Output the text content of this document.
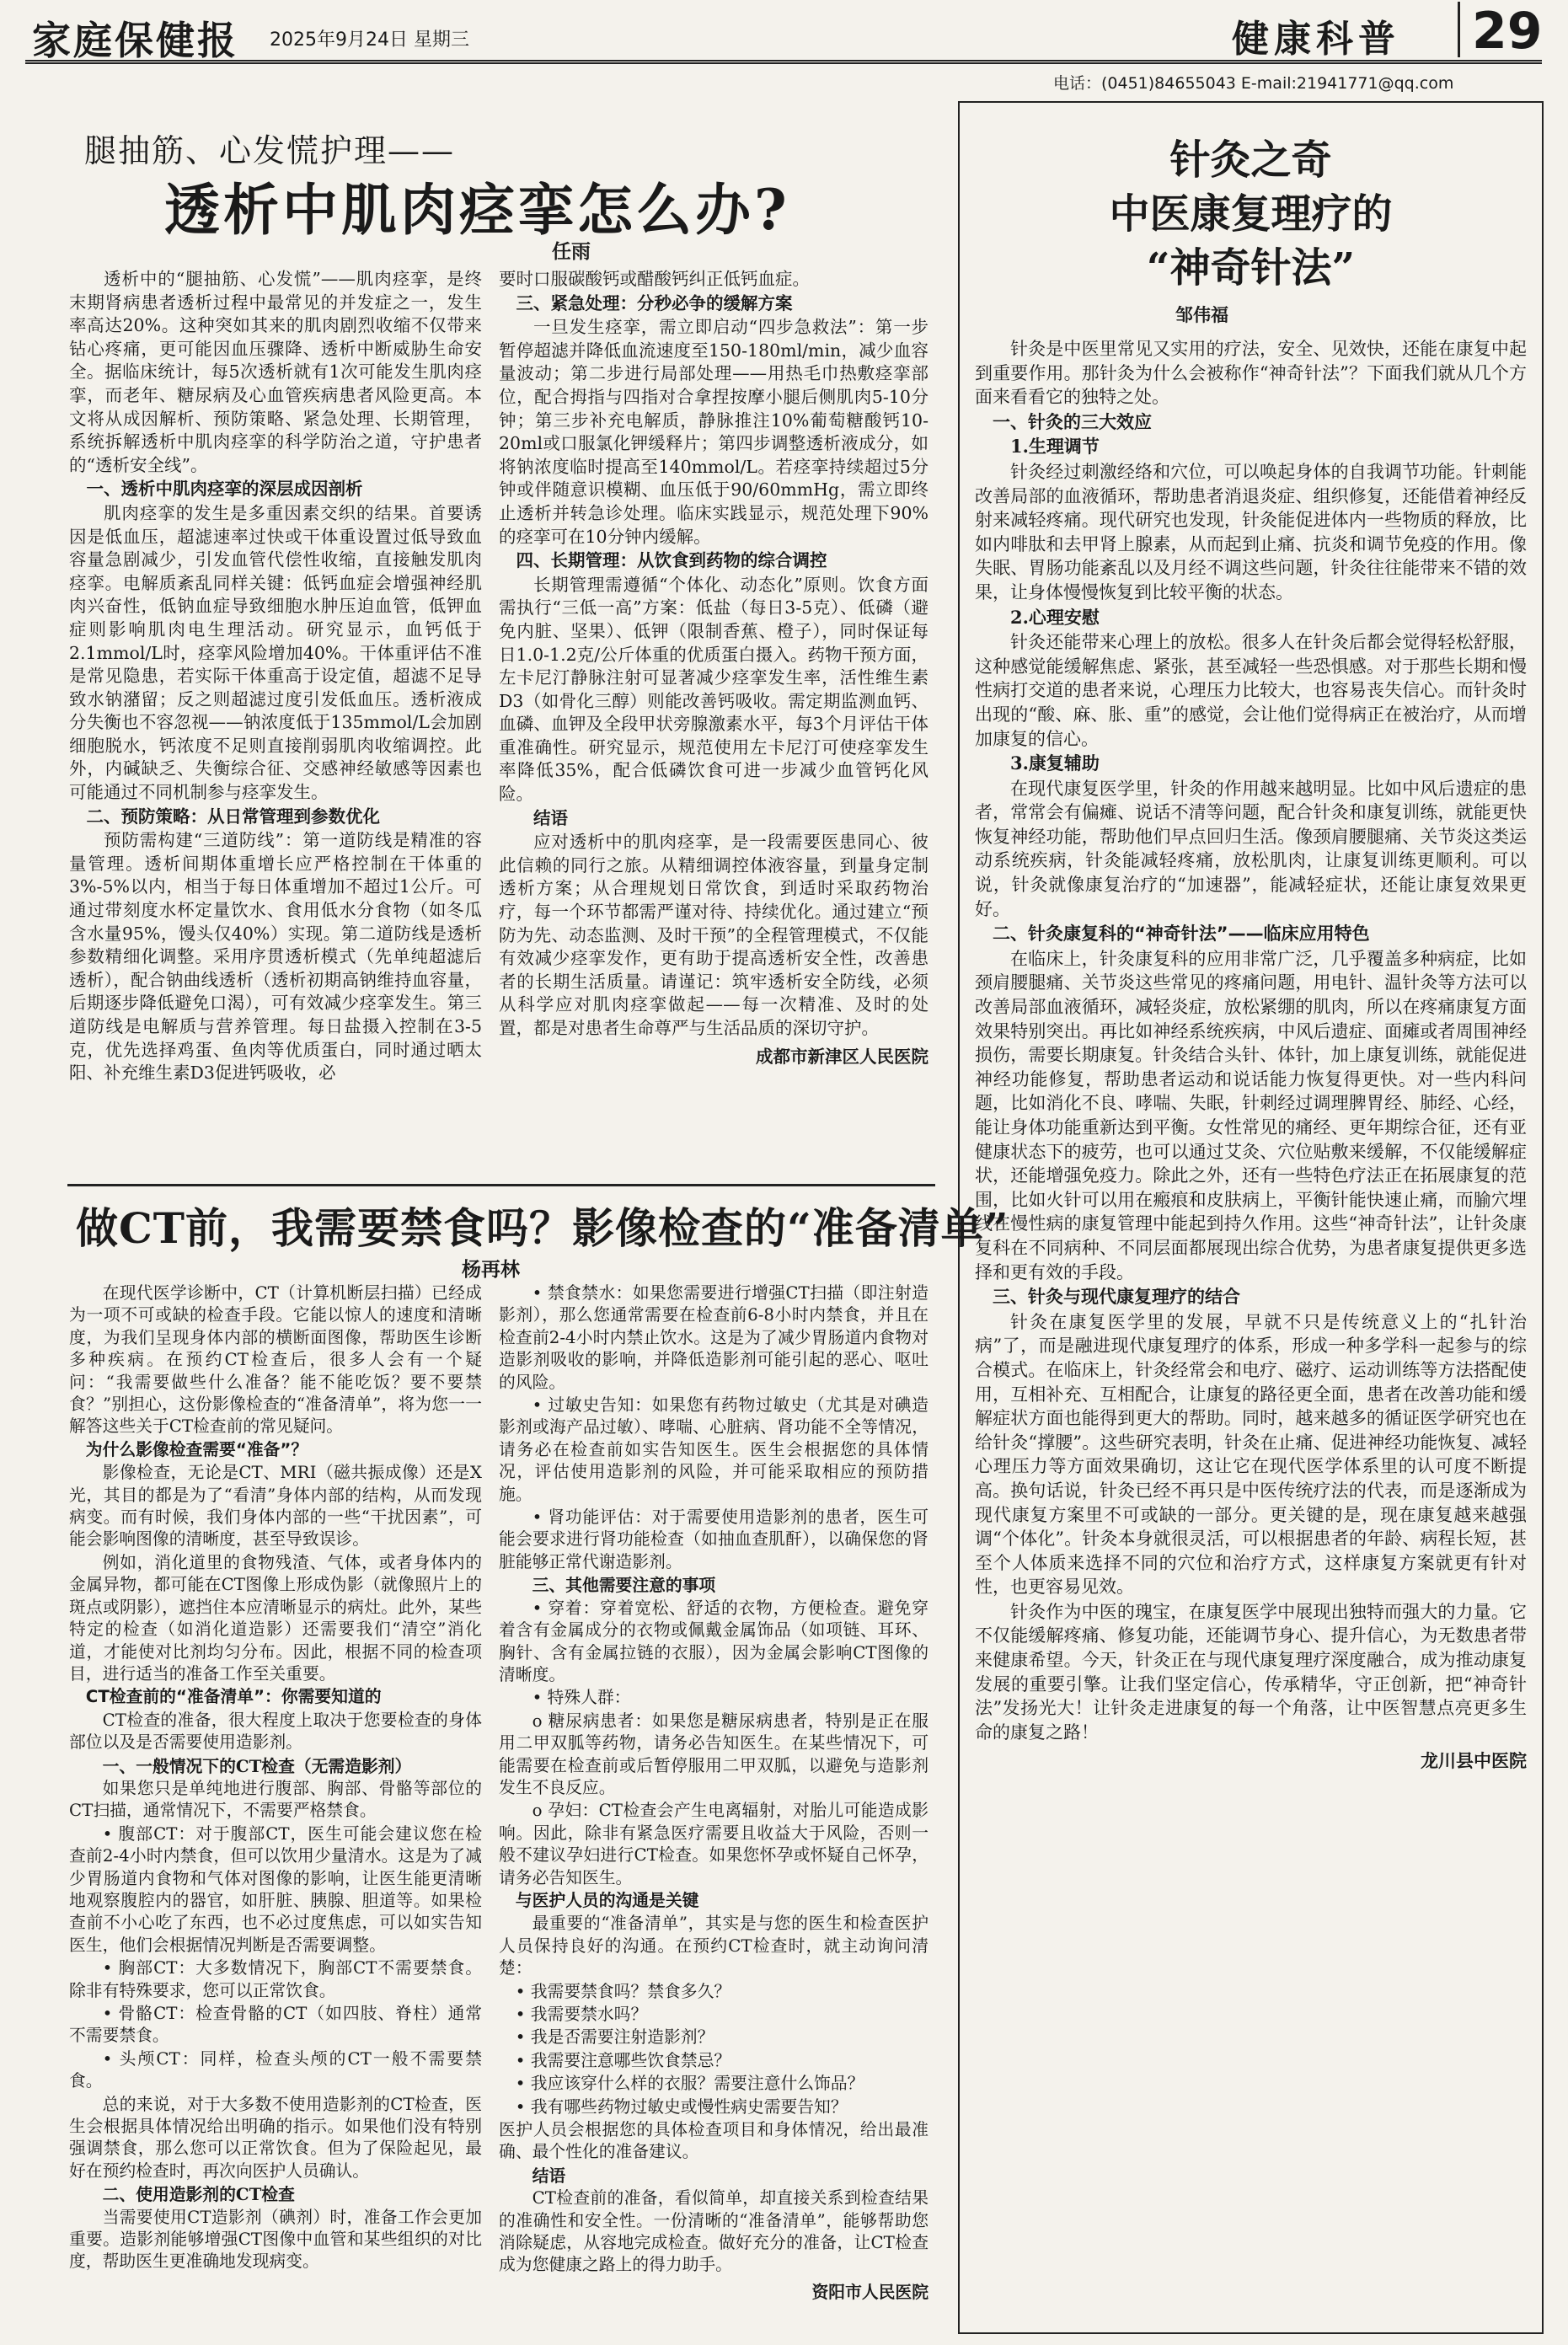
家庭保健报 2025年9月24日 星期三	健康科普 29
电话：(0451)84655043 E-mail:21941771@qq.com
腿抽筋、心发慌护理——
透析中肌肉痉挛怎么办?
任雨

透析中的“腿抽筋、心发慌”——肌肉痉挛，是终末期肾病患者透析过程中最常见的并发症之一，发生率高达20%。这种突如其来的肌肉剧烈收缩不仅带来钻心疼痛，更可能因血压骤降、透析中断威胁生命安全。据临床统计，每5次透析就有1次可能发生肌肉痉挛，而老年、糖尿病及心血管疾病患者风险更高。本文将从成因解析、预防策略、紧急处理、长期管理，系统拆解透析中肌肉痉挛的科学防治之道，守护患者的“透析安全线”。

一、透析中肌肉痉挛的深层成因剖析

肌肉痉挛的发生是多重因素交织的结果。首要诱因是低血压，超滤速率过快或干体重设置过低导致血容量急剧减少，引发血管代偿性收缩，直接触发肌肉痉挛。电解质紊乱同样关键：低钙血症会增强神经肌肉兴奋性，低钠血症导致细胞水肿压迫血管，低钾血症则影响肌肉电生理活动。研究显示，血钙低于2.1mmol/L时，痉挛风险增加40%。干体重评估不准是常见隐患，若实际干体重高于设定值，超滤不足导致水钠潴留；反之则超滤过度引发低血压。透析液成分失衡也不容忽视——钠浓度低于135mmol/L会加剧细胞脱水，钙浓度不足则直接削弱肌肉收缩调控。此外，内碱缺乏、失衡综合征、交感神经敏感等因素也可能通过不同机制参与痉挛发生。

二、预防策略：从日常管理到参数优化

预防需构建“三道防线”：第一道防线是精准的容量管理。透析间期体重增长应严格控制在干体重的3%-5%以内，相当于每日体重增加不超过1公斤。可通过带刻度水杯定量饮水、食用低水分食物（如冬瓜含水量95%，馒头仅40%）实现。第二道防线是透析参数精细化调整。采用序贯透析模式（先单纯超滤后透析），配合钠曲线透析（透析初期高钠维持血容量，后期逐步降低避免口渴），可有效减少痉挛发生。第三道防线是电解质与营养管理。每日盐摄入控制在3-5克，优先选择鸡蛋、鱼肉等优质蛋白，同时通过晒太阳、补充维生素D3促进钙吸收，必

要时口服碳酸钙或醋酸钙纠正低钙血症。

三、紧急处理：分秒必争的缓解方案

一旦发生痉挛，需立即启动“四步急救法”：第一步暂停超滤并降低血流速度至150-180ml/min，减少血容量波动；第二步进行局部处理——用热毛巾热敷痉挛部位，配合拇指与四指对合拿捏按摩小腿后侧肌肉5-10分钟；第三步补充电解质，静脉推注10%葡萄糖酸钙10-20ml或口服氯化钾缓释片；第四步调整透析液成分，如将钠浓度临时提高至140mmol/L。若痉挛持续超过5分钟或伴随意识模糊、血压低于90/60mmHg，需立即终止透析并转急诊处理。临床实践显示，规范处理下90%的痉挛可在10分钟内缓解。

四、长期管理：从饮食到药物的综合调控

长期管理需遵循“个体化、动态化”原则。饮食方面需执行“三低一高”方案：低盐（每日3-5克）、低磷（避免内脏、坚果）、低钾（限制香蕉、橙子），同时保证每日1.0-1.2克/公斤体重的优质蛋白摄入。药物干预方面，左卡尼汀静脉注射可显著减少痉挛发生率，活性维生素D3（如骨化三醇）则能改善钙吸收。需定期监测血钙、血磷、血钾及全段甲状旁腺激素水平，每3个月评估干体重准确性。研究显示，规范使用左卡尼汀可使痉挛发生率降低35%，配合低磷饮食可进一步减少血管钙化风险。

结语

应对透析中的肌肉痉挛，是一段需要医患同心、彼此信赖的同行之旅。从精细调控体液容量，到量身定制透析方案；从合理规划日常饮食，到适时采取药物治疗，每一个环节都需严谨对待、持续优化。通过建立“预防为先、动态监测、及时干预”的全程管理模式，不仅能有效减少痉挛发作，更有助于提高透析安全性，改善患者的长期生活质量。请谨记：筑牢透析安全防线，必须从科学应对肌肉痉挛做起——每一次精准、及时的处置，都是对患者生命尊严与生活品质的深切守护。

成都市新津区人民医院

做CT前，我需要禁食吗？影像检查的“准备清单”
杨再林

在现代医学诊断中，CT（计算机断层扫描）已经成为一项不可或缺的检查手段。它能以惊人的速度和清晰度，为我们呈现身体内部的横断面图像，帮助医生诊断多种疾病。在预约CT检查后，很多人会有一个疑问：“我需要做些什么准备？能不能吃饭？要不要禁食？”别担心，这份影像检查的“准备清单”，将为您一一解答这些关于CT检查前的常见疑问。

为什么影像检查需要“准备”？

影像检查，无论是CT、MRI（磁共振成像）还是X光，其目的都是为了“看清”身体内部的结构，从而发现病变。而有时候，我们身体内部的一些“干扰因素”，可能会影响图像的清晰度，甚至导致误诊。

例如，消化道里的食物残渣、气体，或者身体内的金属异物，都可能在CT图像上形成伪影（就像照片上的斑点或阴影），遮挡住本应清晰显示的病灶。此外，某些特定的检查（如消化道造影）还需要我们“清空”消化道，才能使对比剂均匀分布。因此，根据不同的检查项目，进行适当的准备工作至关重要。

CT检查前的“准备清单”：你需要知道的

CT检查的准备，很大程度上取决于您要检查的身体部位以及是否需要使用造影剂。

一、一般情况下的CT检查（无需造影剂）

如果您只是单纯地进行腹部、胸部、骨骼等部位的CT扫描，通常情况下，不需要严格禁食。

• 腹部CT：对于腹部CT，医生可能会建议您在检查前2-4小时内禁食，但可以饮用少量清水。这是为了减少胃肠道内食物和气体对图像的影响，让医生能更清晰地观察腹腔内的器官，如肝脏、胰腺、胆道等。如果检查前不小心吃了东西，也不必过度焦虑，可以如实告知医生，他们会根据情况判断是否需要调整。

• 胸部CT：大多数情况下，胸部CT不需要禁食。除非有特殊要求，您可以正常饮食。

• 骨骼CT：检查骨骼的CT（如四肢、脊柱）通常不需要禁食。

• 头颅CT：同样，检查头颅的CT一般不需要禁食。

总的来说，对于大多数不使用造影剂的CT检查，医生会根据具体情况给出明确的指示。如果他们没有特别强调禁食，那么您可以正常饮食。但为了保险起见，最好在预约检查时，再次向医护人员确认。

二、使用造影剂的CT检查

当需要使用CT造影剂（碘剂）时，准备工作会更加重要。造影剂能够增强CT图像中血管和某些组织的对比度，帮助医生更准确地发现病变。

• 禁食禁水：如果您需要进行增强CT扫描（即注射造影剂），那么您通常需要在检查前6-8小时内禁食，并且在检查前2-4小时内禁止饮水。这是为了减少胃肠道内食物对造影剂吸收的影响，并降低造影剂可能引起的恶心、呕吐的风险。

• 过敏史告知：如果您有药物过敏史（尤其是对碘造影剂或海产品过敏）、哮喘、心脏病、肾功能不全等情况，请务必在检查前如实告知医生。医生会根据您的具体情况，评估使用造影剂的风险，并可能采取相应的预防措施。

• 肾功能评估：对于需要使用造影剂的患者，医生可能会要求进行肾功能检查（如抽血查肌酐），以确保您的肾脏能够正常代谢造影剂。

三、其他需要注意的事项

• 穿着：穿着宽松、舒适的衣物，方便检查。避免穿着含有金属成分的衣物或佩戴金属饰品（如项链、耳环、胸针、含有金属拉链的衣服），因为金属会影响CT图像的清晰度。

• 特殊人群：

o 糖尿病患者：如果您是糖尿病患者，特别是正在服用二甲双胍等药物，请务必告知医生。在某些情况下，可能需要在检查前或后暂停服用二甲双胍，以避免与造影剂发生不良反应。

o 孕妇：CT检查会产生电离辐射，对胎儿可能造成影响。因此，除非有紧急医疗需要且收益大于风险，否则一般不建议孕妇进行CT检查。如果您怀孕或怀疑自己怀孕，请务必告知医生。

与医护人员的沟通是关键

最重要的“准备清单”，其实是与您的医生和检查医护人员保持良好的沟通。在预约CT检查时，就主动询问清楚：

• 我需要禁食吗？禁食多久？

• 我需要禁水吗？

• 我是否需要注射造影剂？

• 我需要注意哪些饮食禁忌？

• 我应该穿什么样的衣服？需要注意什么饰品？

• 我有哪些药物过敏史或慢性病史需要告知？

医护人员会根据您的具体检查项目和身体情况，给出最准确、最个性化的准备建议。

结语

CT检查前的准备，看似简单，却直接关系到检查结果的准确性和安全性。一份清晰的“准备清单”，能够帮助您消除疑虑，从容地完成检查。做好充分的准备，让CT检查成为您健康之路上的得力助手。

资阳市人民医院

针灸之奇
中医康复理疗的
“神奇针法”
邹伟福

针灸是中医里常见又实用的疗法，安全、见效快，还能在康复中起到重要作用。那针灸为什么会被称作“神奇针法”？下面我们就从几个方面来看看它的独特之处。

一、针灸的三大效应

1.生理调节

针灸经过刺激经络和穴位，可以唤起身体的自我调节功能。针刺能改善局部的血液循环，帮助患者消退炎症、组织修复，还能借着神经反射来减轻疼痛。现代研究也发现，针灸能促进体内一些物质的释放，比如内啡肽和去甲肾上腺素，从而起到止痛、抗炎和调节免疫的作用。像失眠、胃肠功能紊乱以及月经不调这些问题，针灸往往能带来不错的效果，让身体慢慢恢复到比较平衡的状态。

2.心理安慰

针灸还能带来心理上的放松。很多人在针灸后都会觉得轻松舒服，这种感觉能缓解焦虑、紧张，甚至减轻一些恐惧感。对于那些长期和慢性病打交道的患者来说，心理压力比较大，也容易丧失信心。而针灸时出现的“酸、麻、胀、重”的感觉，会让他们觉得病正在被治疗，从而增加康复的信心。

3.康复辅助

在现代康复医学里，针灸的作用越来越明显。比如中风后遗症的患者，常常会有偏瘫、说话不清等问题，配合针灸和康复训练，就能更快恢复神经功能，帮助他们早点回归生活。像颈肩腰腿痛、关节炎这类运动系统疾病，针灸能减轻疼痛，放松肌肉，让康复训练更顺利。可以说，针灸就像康复治疗的“加速器”，能减轻症状，还能让康复效果更好。

二、针灸康复科的“神奇针法”——临床应用特色

在临床上，针灸康复科的应用非常广泛，几乎覆盖多种病症，比如颈肩腰腿痛、关节炎这些常见的疼痛问题，用电针、温针灸等方法可以改善局部血液循环，减轻炎症，放松紧绷的肌肉，所以在疼痛康复方面效果特别突出。再比如神经系统疾病，中风后遗症、面瘫或者周围神经损伤，需要长期康复。针灸结合头针、体针，加上康复训练，就能促进神经功能修复，帮助患者运动和说话能力恢复得更快。对一些内科问题，比如消化不良、哮喘、失眠，针刺经过调理脾胃经、肺经、心经，能让身体功能重新达到平衡。女性常见的痛经、更年期综合征，还有亚健康状态下的疲劳，也可以通过艾灸、穴位贴敷来缓解，不仅能缓解症状，还能增强免疫力。除此之外，还有一些特色疗法正在拓展康复的范围，比如火针可以用在瘢痕和皮肤病上，平衡针能快速止痛，而腧穴埋线在慢性病的康复管理中能起到持久作用。这些“神奇针法”，让针灸康复科在不同病种、不同层面都展现出综合优势，为患者康复提供更多选择和更有效的手段。

三、针灸与现代康复理疗的结合

针灸在康复医学里的发展，早就不只是传统意义上的“扎针治病”了，而是融进现代康复理疗的体系，形成一种多学科一起参与的综合模式。在临床上，针灸经常会和电疗、磁疗、运动训练等方法搭配使用，互相补充、互相配合，让康复的路径更全面，患者在改善功能和缓解症状方面也能得到更大的帮助。同时，越来越多的循证医学研究也在给针灸“撑腰”。这些研究表明，针灸在止痛、促进神经功能恢复、减轻心理压力等方面效果确切，这让它在现代医学体系里的认可度不断提高。换句话说，针灸已经不再只是中医传统疗法的代表，而是逐渐成为现代康复方案里不可或缺的一部分。更关键的是，现在康复越来越强调“个体化”。针灸本身就很灵活，可以根据患者的年龄、病程长短，甚至个人体质来选择不同的穴位和治疗方式，这样康复方案就更有针对性，也更容易见效。

针灸作为中医的瑰宝，在康复医学中展现出独特而强大的力量。它不仅能缓解疼痛、修复功能，还能调节身心、提升信心，为无数患者带来健康希望。今天，针灸正在与现代康复理疗深度融合，成为推动康复发展的重要引擎。让我们坚定信心，传承精华，守正创新，把“神奇针法”发扬光大！让针灸走进康复的每一个角落，让中医智慧点亮更多生命的康复之路！

龙川县中医院
